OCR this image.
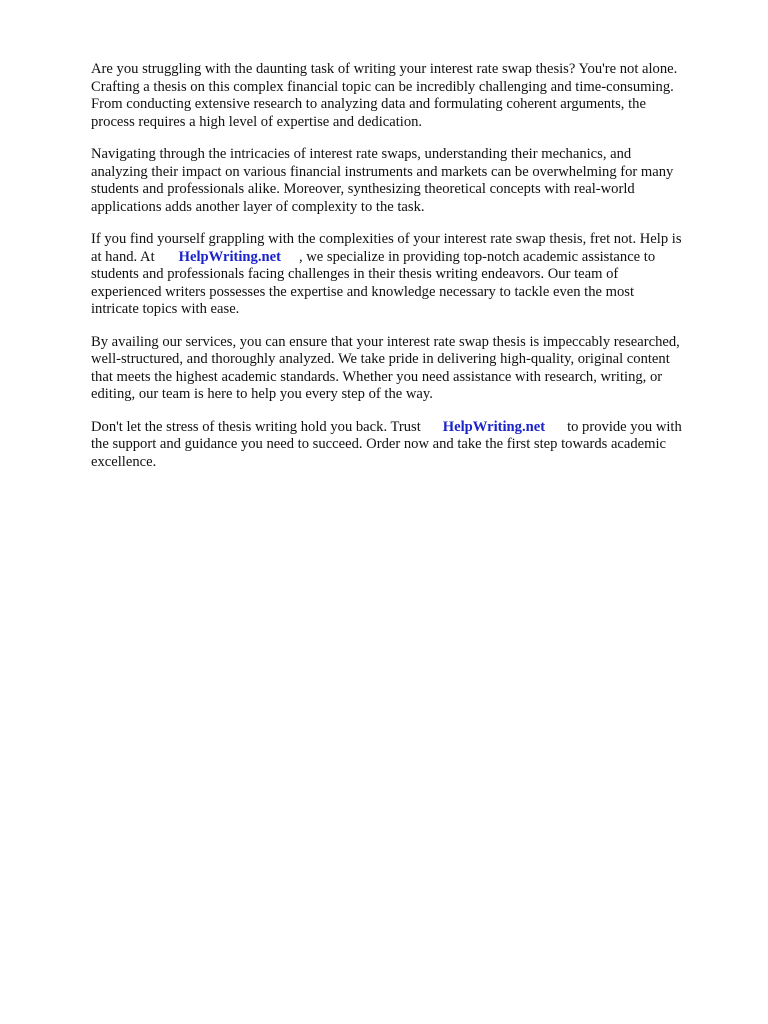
Are you struggling with the daunting task of writing your interest rate swap thesis? You're not alone.
Crafting a thesis on this complex financial topic can be incredibly challenging and time-consuming.
From conducting extensive research to analyzing data and formulating coherent arguments, the
process requires a high level of expertise and dedication.
Navigating through the intricacies of interest rate swaps, understanding their mechanics, and
analyzing their impact on various financial instruments and markets can be overwhelming for many
students and professionals alike. Moreover, synthesizing theoretical concepts with real-world
applications adds another layer of complexity to the task.
If you find yourself grappling with the complexities of your interest rate swap thesis, fret not. Help is
at hand. At HelpWriting.net , we specialize in providing top-notch academic assistance to
students and professionals facing challenges in their thesis writing endeavors. Our team of
experienced writers possesses the expertise and knowledge necessary to tackle even the most
intricate topics with ease.
By availing our services, you can ensure that your interest rate swap thesis is impeccably researched,
well-structured, and thoroughly analyzed. We take pride in delivering high-quality, original content
that meets the highest academic standards. Whether you need assistance with research, writing, or
editing, our team is here to help you every step of the way.
Don't let the stress of thesis writing hold you back. Trust HelpWriting.net to provide you with
the support and guidance you need to succeed. Order now and take the first step towards academic
excellence.
